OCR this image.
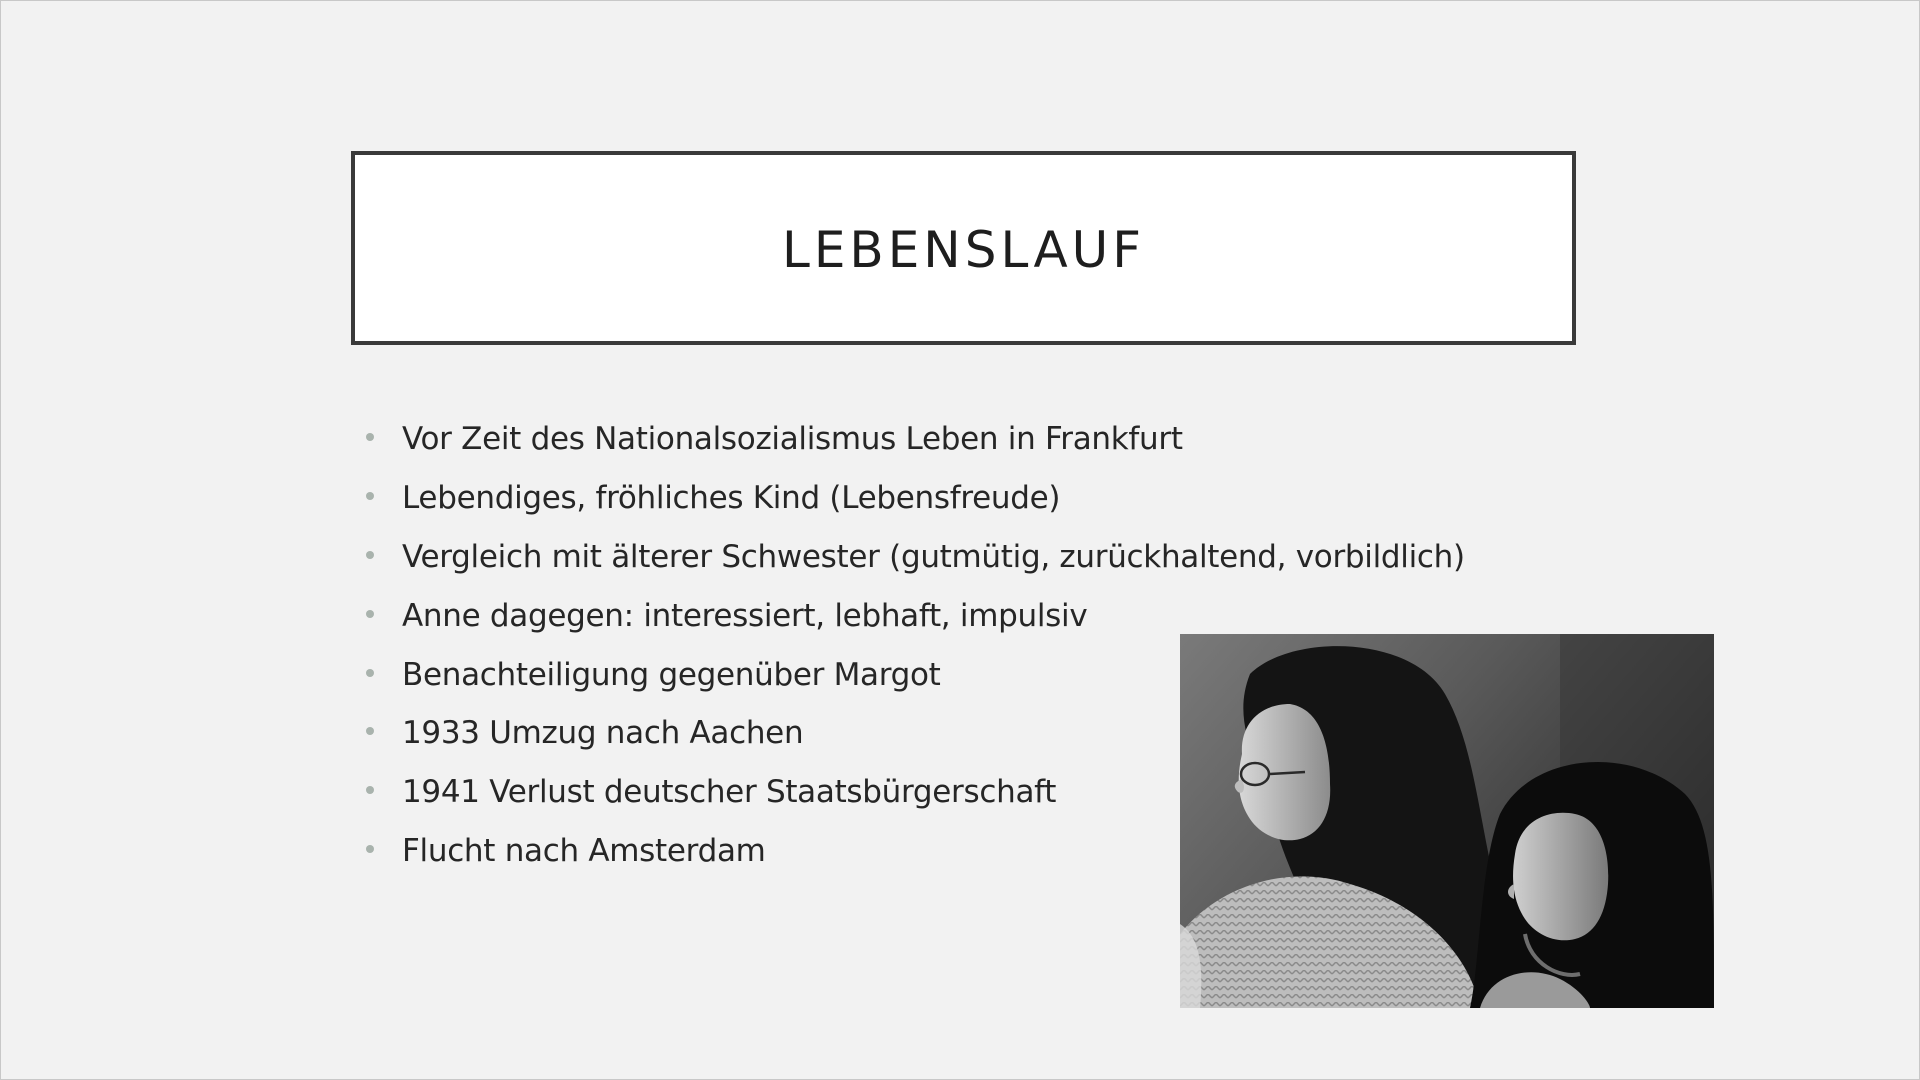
LEBENSLAUF
Vor Zeit des Nationalsozialismus Leben in Frankfurt
Lebendiges, fröhliches Kind (Lebensfreude)
Vergleich mit älterer Schwester (gutmütig, zurückhaltend, vorbildlich)
Anne dagegen: interessiert, lebhaft, impulsiv
Benachteiligung gegenüber Margot
1933 Umzug nach Aachen
1941 Verlust deutscher Staatsbürgerschaft
Flucht nach Amsterdam
